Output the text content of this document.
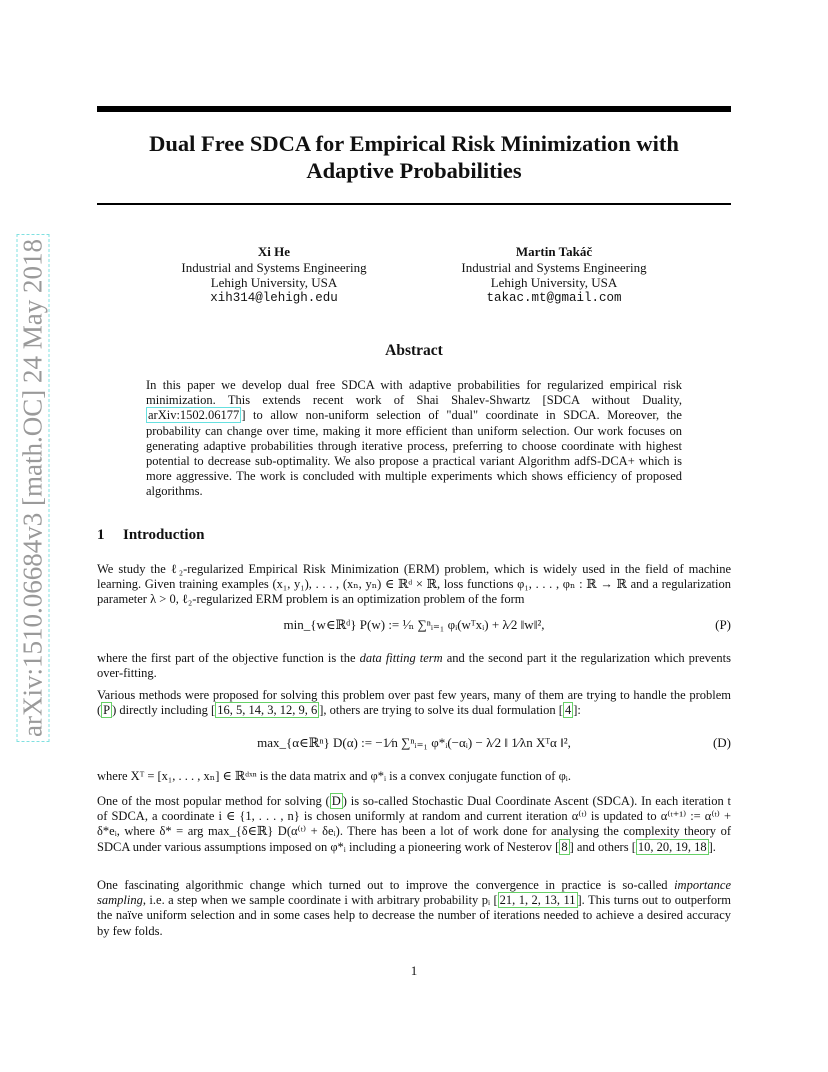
arXiv:1510.06684v3 [math.OC] 24 May 2018
Dual Free SDCA for Empirical Risk Minimization with
Adaptive Probabilities
Xi He
Industrial and Systems Engineering
Lehigh University, USA
xih314@lehigh.edu
Martin Takáč
Industrial and Systems Engineering
Lehigh University, USA
takac.mt@gmail.com
Abstract
In this paper we develop dual free SDCA with adaptive probabilities for regularized empirical risk minimization. This extends recent work of Shai Shalev-Shwartz [SDCA without Duality, arXiv:1502.06177 ] to allow non-uniform selection of "dual" coordinate in SDCA. Moreover, the probability can change over time, making it more efficient than uniform selection. Our work focuses on generating adaptive probabilities through iterative process, preferring to choose coordinate with highest potential to decrease sub-optimality. We also propose a practical variant Algorithm adfS-DCA+ which is more aggressive. The work is concluded with multiple experiments which shows efficiency of proposed algorithms.
1 Introduction
We study the ℓ₂-regularized Empirical Risk Minimization (ERM) problem, which is widely used in the field of machine learning. Given training examples (x₁, y₁), . . . , (xₙ, yₙ) ∈ ℝᵈ × ℝ, loss functions φ₁, . . . , φₙ : ℝ → ℝ and a regularization parameter λ > 0, ℓ₂-regularized ERM problem is an optimization problem of the form
min_{w∈ℝᵈ} P(w) := ¹⁄ₙ ∑ⁿᵢ₌₁ φᵢ(wᵀxᵢ) + λ⁄2 ‖w‖²,	(P)
where the first part of the objective function is the data fitting term and the second part it the regularization which prevents over-fitting.
Various methods were proposed for solving this problem over past few years, many of them are trying to handle the problem ( P ) directly including [ 16, 5, 14, 3, 12, 9, 6 ], others are trying to solve its dual formulation [ 4 ]:
max_{α∈ℝⁿ} D(α) := −1⁄n ∑ⁿᵢ₌₁ φ*ᵢ(−αᵢ) − λ⁄2 ‖ 1⁄λn Xᵀα ‖²,	(D)
where Xᵀ = [x₁, . . . , xₙ] ∈ ℝᵈˣⁿ is the data matrix and φ*ᵢ is a convex conjugate function of φᵢ.
One of the most popular method for solving ( D ) is so-called Stochastic Dual Coordinate Ascent (SDCA). In each iteration t of SDCA, a coordinate i ∈ {1, . . . , n} is chosen uniformly at random and current iteration α⁽ᵗ⁾ is updated to α⁽ᵗ⁺¹⁾ := α⁽ᵗ⁾ + δ*eᵢ, where δ* = arg max_{δ∈ℝ} D(α⁽ᵗ⁾ + δeᵢ). There has been a lot of work done for analysing the complexity theory of SDCA under various assumptions imposed on φ*ᵢ including a pioneering work of Nesterov [ 8 ] and others [ 10, 20, 19, 18 ].
One fascinating algorithmic change which turned out to improve the convergence in practice is so-called importance sampling, i.e. a step when we sample coordinate i with arbitrary probability pᵢ [ 21, 1, 2, 13, 11 ]. This turns out to outperform the naïve uniform selection and in some cases help to decrease the number of iterations needed to achieve a desired accuracy by few folds.
1
